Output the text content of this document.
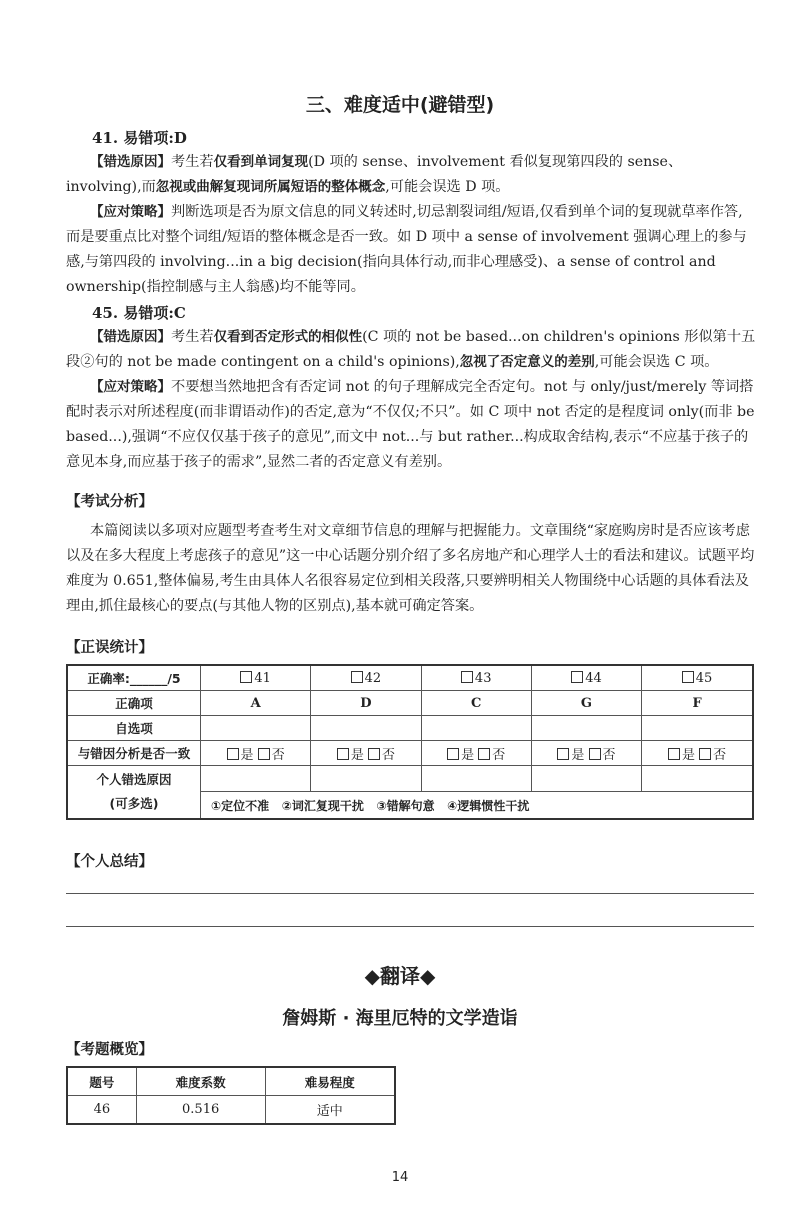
三、难度适中(避错型)
41. 易错项:D
【错选原因】考生若仅看到单词复现(D 项的 sense、involvement 看似复现第四段的 sense、involving),而忽视或曲解复现词所属短语的整体概念,可能会误选 D 项。
【应对策略】判断选项是否为原文信息的同义转述时,切忌割裂词组/短语,仅看到单个词的复现就草率作答,而是要重点比对整个词组/短语的整体概念是否一致。如 D 项中 a sense of involvement 强调心理上的参与感,与第四段的 involving...in a big decision(指向具体行动,而非心理感受)、a sense of control and ownership(指控制感与主人翁感)均不能等同。
45. 易错项:C
【错选原因】考生若仅看到否定形式的相似性(C 项的 not be based...on children's opinions 形似第十五段②句的 not be made contingent on a child's opinions),忽视了否定意义的差别,可能会误选 C 项。
【应对策略】不要想当然地把含有否定词 not 的句子理解成完全否定句。not 与 only/just/merely 等词搭配时表示对所述程度(而非谓语动作)的否定,意为“不仅仅;不只”。如 C 项中 not 否定的是程度词 only(而非 be based...),强调“不应仅仅基于孩子的意见”,而文中 not...与 but rather...构成取舍结构,表示“不应基于孩子的意见本身,而应基于孩子的需求”,显然二者的否定意义有差别。
【考试分析】
本篇阅读以多项对应题型考查考生对文章细节信息的理解与把握能力。文章围绕“家庭购房时是否应该考虑以及在多大程度上考虑孩子的意见”这一中心话题分别介绍了多名房地产和心理学人士的看法和建议。试题平均难度为 0.651,整体偏易,考生由具体人名很容易定位到相关段落,只要辨明相关人物围绕中心话题的具体看法及理由,抓住最核心的要点(与其他人物的区别点),基本就可确定答案。
【正误统计】
正确率:______/5	41	42	43	44	45
正确项	A	D	C	G	F
自选项					
与错因分析是否一致	是 否	是 否	是 否	是 否	是 否
个人错选原因
(可多选)					
	①定位不准 ②词汇复现干扰 ③错解句意 ④逻辑惯性干扰				
【个人总结】
◆翻译◆
詹姆斯 · 海里厄特的文学造诣
【考题概览】
题号	难度系数	难易程度
46	0.516	适中
14
